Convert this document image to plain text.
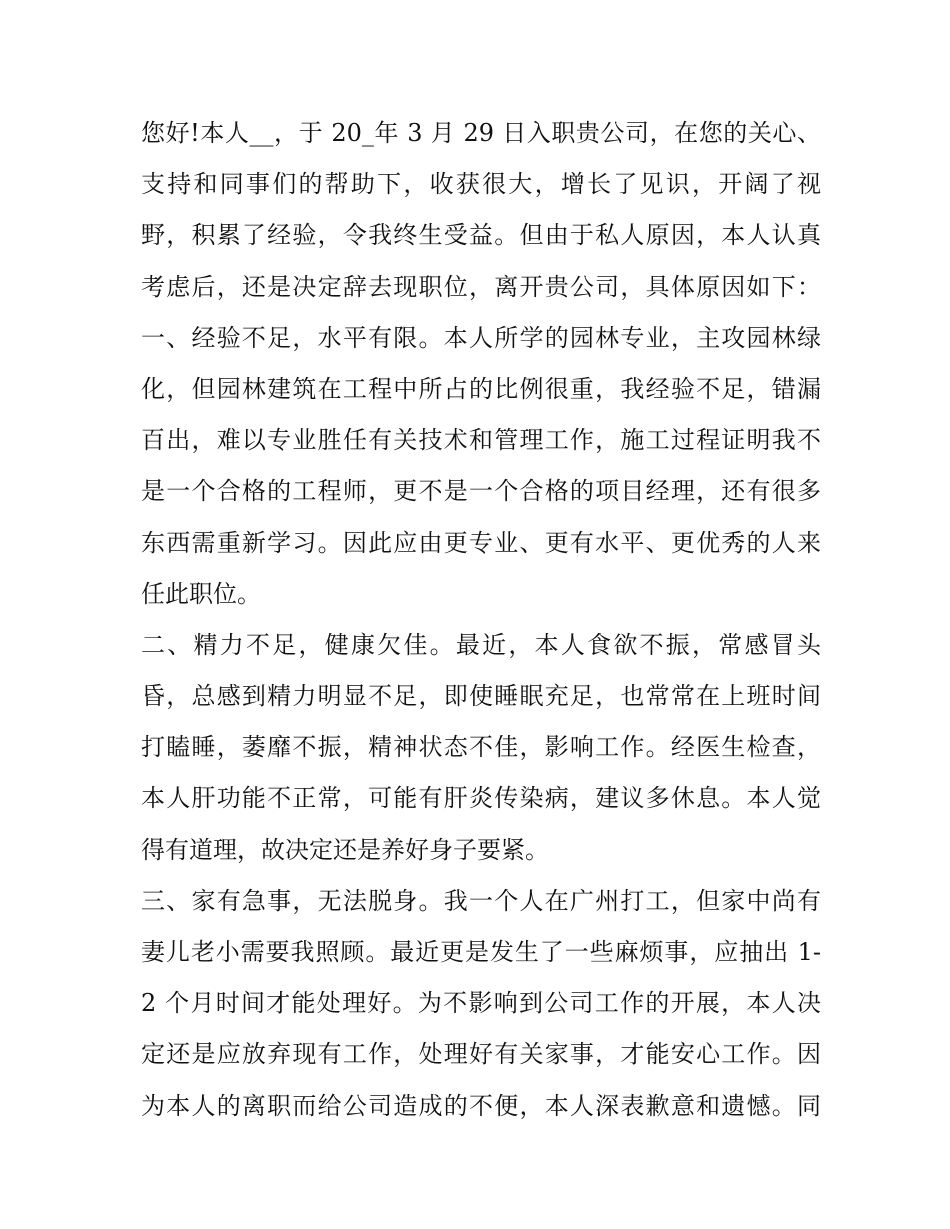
您好!本人__，于 20_年 3 月 29 日入职贵公司，在您的关心、
支持和同事们的帮助下，收获很大，增长了见识，开阔了视
野，积累了经验，令我终生受益。但由于私人原因，本人认真
考虑后，还是决定辞去现职位，离开贵公司，具体原因如下：
一、经验不足，水平有限。本人所学的园林专业，主攻园林绿
化，但园林建筑在工程中所占的比例很重，我经验不足，错漏
百出，难以专业胜任有关技术和管理工作，施工过程证明我不
是一个合格的工程师，更不是一个合格的项目经理，还有很多
东西需重新学习。因此应由更专业、更有水平、更优秀的人来
任此职位。
二、精力不足，健康欠佳。最近，本人食欲不振，常感冒头
昏，总感到精力明显不足，即使睡眠充足，也常常在上班时间
打瞌睡，萎靡不振，精神状态不佳，影响工作。经医生检查，
本人肝功能不正常，可能有肝炎传染病，建议多休息。本人觉
得有道理，故决定还是养好身子要紧。
三、家有急事，无法脱身。我一个人在广州打工，但家中尚有
妻儿老小需要我照顾。最近更是发生了一些麻烦事，应抽出 1-
2 个月时间才能处理好。为不影响到公司工作的开展，本人决
定还是应放弃现有工作，处理好有关家事，才能安心工作。因
为本人的离职而给公司造成的不便，本人深表歉意和遗憾。同
